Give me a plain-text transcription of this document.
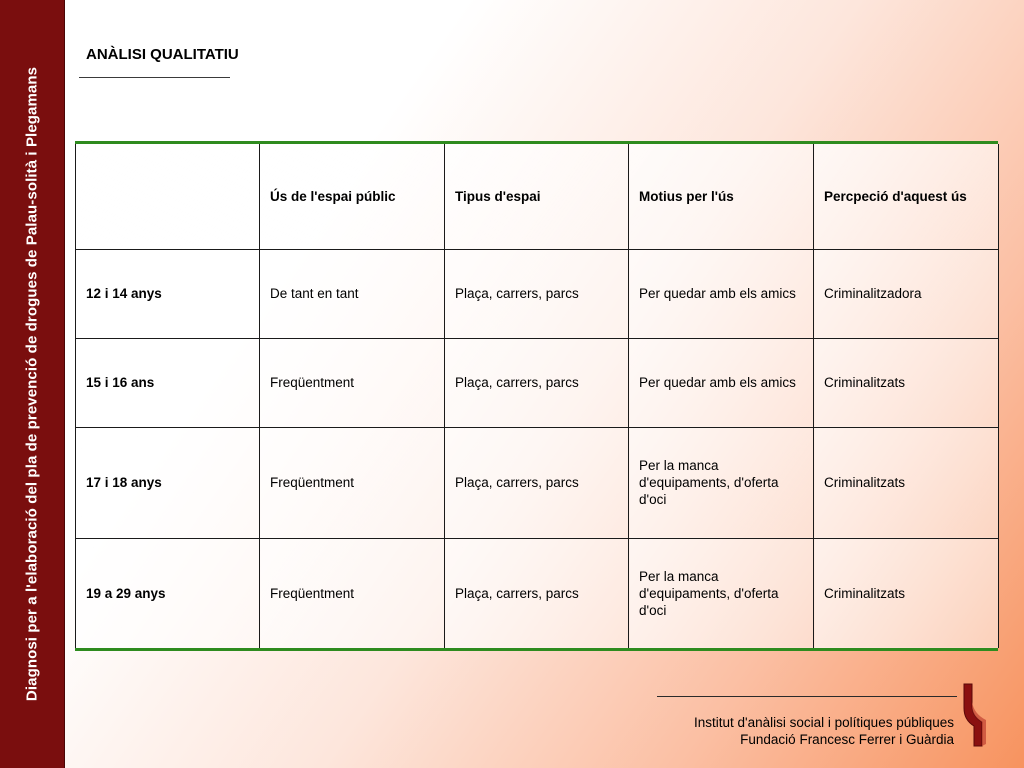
Diagnosi per a l'elaboració del pla de prevenció de drogues de Palau-solità i Plegamans
ANÀLISI QUALITATIU
	Ús de l'espai públic	Tipus d'espai	Motius per l'ús	Percpeció d'aquest ús
12 i 14 anys	De tant en tant	Plaça, carrers, parcs	Per quedar amb els amics	Criminalitzadora
15 i 16 ans	Freqüentment	Plaça, carrers, parcs	Per quedar amb els amics	Criminalitzats
17 i 18 anys	Freqüentment	Plaça, carrers, parcs	Per la manca d'equipaments, d'oferta d'oci	Criminalitzats
19 a 29 anys	Freqüentment	Plaça, carrers, parcs	Per la manca d'equipaments, d'oferta d'oci	Criminalitzats
Institut d'anàlisi social i polítiques públiques
Fundació Francesc Ferrer i Guàrdia
